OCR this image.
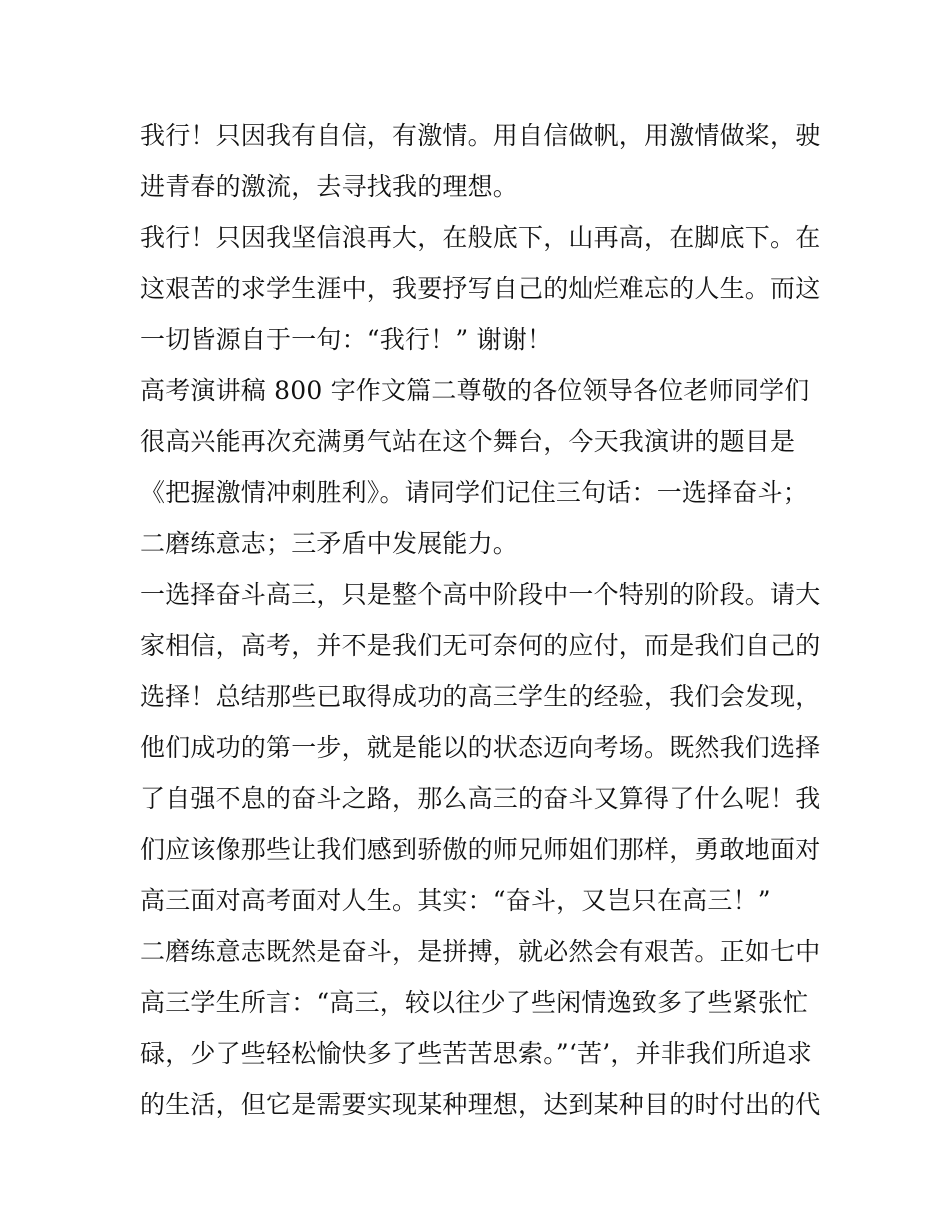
我行！只因我有自信，有激情。用自信做帆，用激情做桨，驶
进青春的激流，去寻找我的理想。
我行！只因我坚信浪再大，在般底下，山再高，在脚底下。在
这艰苦的求学生涯中，我要抒写自己的灿烂难忘的人生。而这
一切皆源自于一句：“我行！” 谢谢！
高考演讲稿 800 字作文篇二尊敬的各位领导各位老师同学们
很高兴能再次充满勇气站在这个舞台，今天我演讲的题目是
《把握激情冲刺胜利》。请同学们记住三句话：一选择奋斗；
二磨练意志；三矛盾中发展能力。
一选择奋斗高三，只是整个高中阶段中一个特别的阶段。请大
家相信，高考，并不是我们无可奈何的应付，而是我们自己的
选择！总结那些已取得成功的高三学生的经验，我们会发现，
他们成功的第一步，就是能以的状态迈向考场。既然我们选择
了自强不息的奋斗之路，那么高三的奋斗又算得了什么呢！我
们应该像那些让我们感到骄傲的师兄师姐们那样，勇敢地面对
高三面对高考面对人生。其实：“奋斗，又岂只在高三！”
二磨练意志既然是奋斗，是拼搏，就必然会有艰苦。正如七中
高三学生所言：“高三，较以往少了些闲情逸致多了些紧张忙
碌，少了些轻松愉快多了些苦苦思索。”‘苦’，并非我们所追求
的生活，但它是需要实现某种理想，达到某种目的时付出的代
